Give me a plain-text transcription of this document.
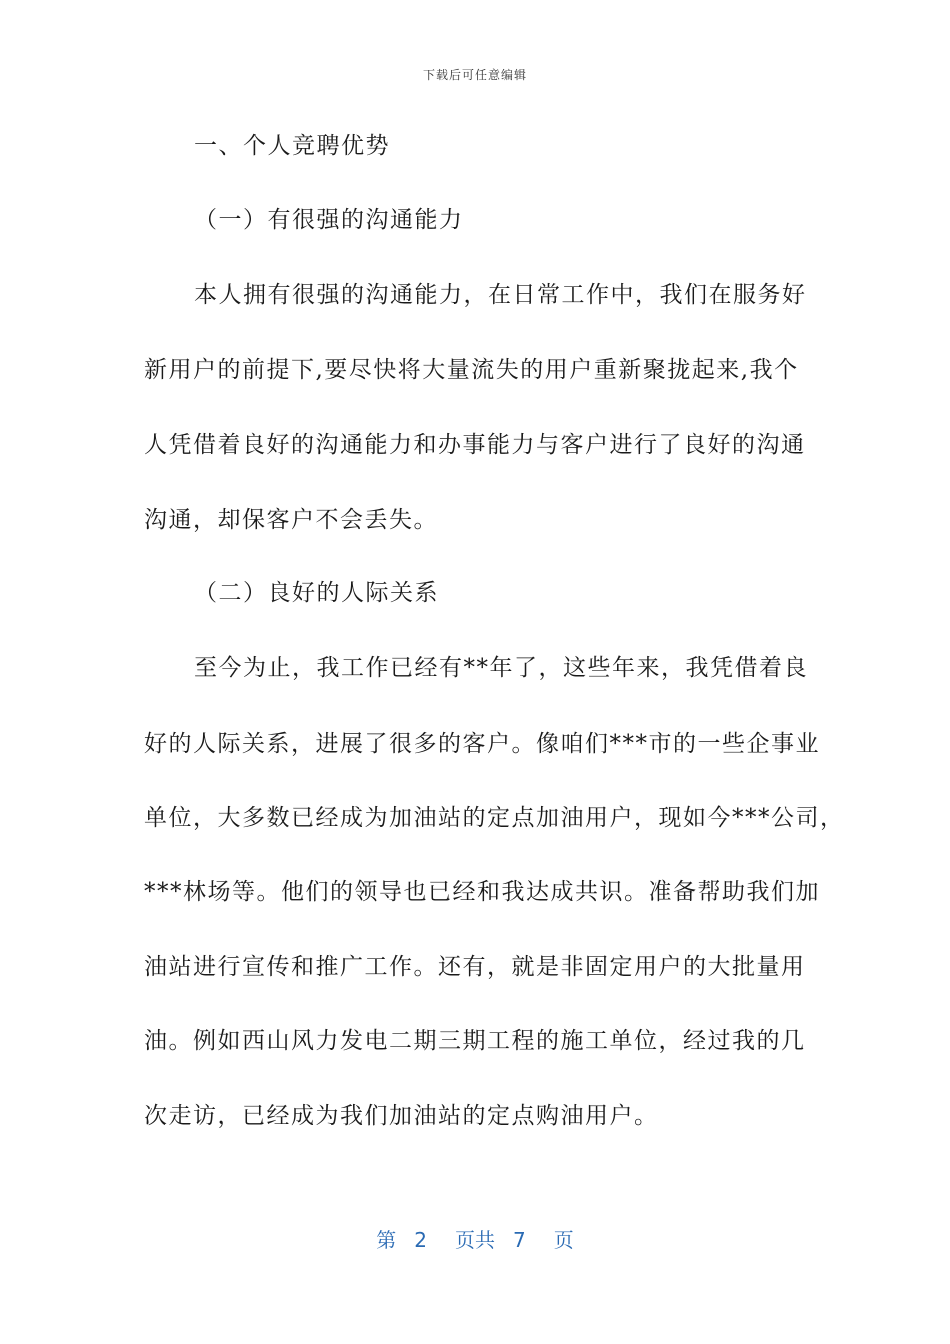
下载后可任意编辑
一、个人竞聘优势
（一）有很强的沟通能力
本人拥有很强的沟通能力，在日常工作中，我们在服务好
新用户的前提下,要尽快将大量流失的用户重新聚拢起来,我个
人凭借着良好的沟通能力和办事能力与客户进行了良好的沟通
沟通，却保客户不会丢失。
（二）良好的人际关系
至今为止，我工作已经有**年了，这些年来，我凭借着良
好的人际关系，进展了很多的客户。像咱们***市的一些企事业
单位，大多数已经成为加油站的定点加油用户，现如今***公司，
***林场等。他们的领导也已经和我达成共识。准备帮助我们加
油站进行宣传和推广工作。还有，就是非固定用户的大批量用
油。例如西山风力发电二期三期工程的施工单位，经过我的几
次走访，已经成为我们加油站的定点购油用户。
第 2 页共 7 页
